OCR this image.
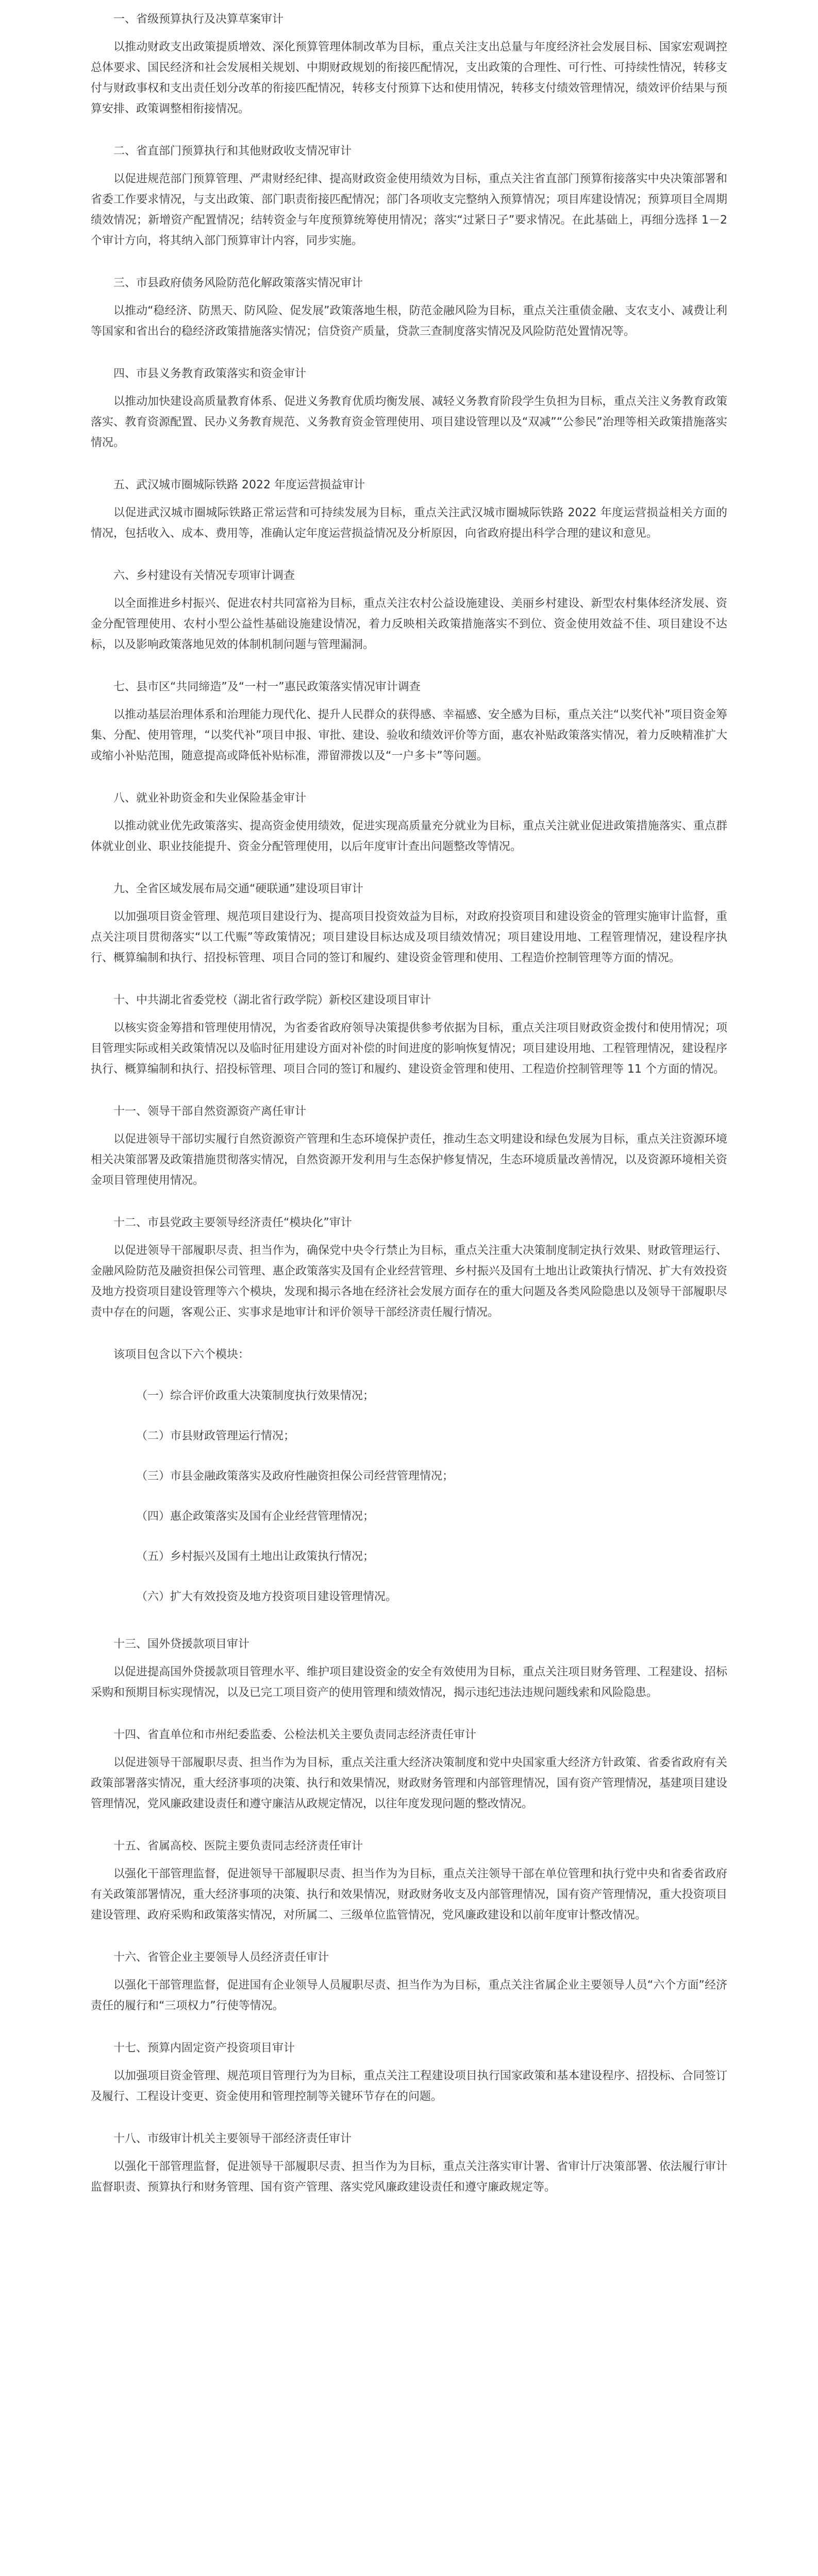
一、省级预算执行及决算草案审计

以推动财政支出政策提质增效、深化预算管理体制改革为目标，重点关注支出总量与年度经济社会发展目标、国家宏观调控总体要求、国民经济和社会发展相关规划、中期财政规划的衔接匹配情况，支出政策的合理性、可行性、可持续性情况，转移支付与财政事权和支出责任划分改革的衔接匹配情况，转移支付预算下达和使用情况，转移支付绩效管理情况，绩效评价结果与预算安排、政策调整相衔接情况。

二、省直部门预算执行和其他财政收支情况审计

以促进规范部门预算管理、严肃财经纪律、提高财政资金使用绩效为目标，重点关注省直部门预算衔接落实中央决策部署和省委工作要求情况，与支出政策、部门职责衔接匹配情况；部门各项收支完整纳入预算情况；项目库建设情况；预算项目全周期绩效情况；新增资产配置情况；结转资金与年度预算统筹使用情况；落实“过紧日子”要求情况。在此基础上，再细分选择 1－2 个审计方向，将其纳入部门预算审计内容，同步实施。

三、市县政府债务风险防范化解政策落实情况审计

以推动“稳经济、防黑天、防风险、促发展”政策落地生根，防范金融风险为目标，重点关注重债金融、支农支小、减费让利等国家和省出台的稳经济政策措施落实情况；信贷资产质量，贷款三查制度落实情况及风险防范处置情况等。

四、市县义务教育政策落实和资金审计

以推动加快建设高质量教育体系、促进义务教育优质均衡发展、减轻义务教育阶段学生负担为目标，重点关注义务教育政策落实、教育资源配置、民办义务教育规范、义务教育资金管理使用、项目建设管理以及“双减”“公参民”治理等相关政策措施落实情况。

五、武汉城市圈城际铁路 2022 年度运营损益审计

以促进武汉城市圈城际铁路正常运营和可持续发展为目标，重点关注武汉城市圈城际铁路 2022 年度运营损益相关方面的情况，包括收入、成本、费用等，准确认定年度运营损益情况及分析原因，向省政府提出科学合理的建议和意见。

六、乡村建设有关情况专项审计调查

以全面推进乡村振兴、促进农村共同富裕为目标，重点关注农村公益设施建设、美丽乡村建设、新型农村集体经济发展、资金分配管理使用、农村小型公益性基础设施建设情况，着力反映相关政策措施落实不到位、资金使用效益不佳、项目建设不达标，以及影响政策落地见效的体制机制问题与管理漏洞。

七、县市区“共同缔造”及“一村一”惠民政策落实情况审计调查

以推动基层治理体系和治理能力现代化、提升人民群众的获得感、幸福感、安全感为目标，重点关注“以奖代补”项目资金筹集、分配、使用管理，“以奖代补”项目申报、审批、建设、验收和绩效评价等方面，惠农补贴政策落实情况，着力反映精准扩大或缩小补贴范围，随意提高或降低补贴标准，滞留滞拨以及“一户多卡”等问题。

八、就业补助资金和失业保险基金审计

以推动就业优先政策落实、提高资金使用绩效，促进实现高质量充分就业为目标，重点关注就业促进政策措施落实、重点群体就业创业、职业技能提升、资金分配管理使用，以后年度审计查出问题整改等情况。

九、全省区域发展布局交通“硬联通”建设项目审计

以加强项目资金管理、规范项目建设行为、提高项目投资效益为目标，对政府投资项目和建设资金的管理实施审计监督，重点关注项目贯彻落实“以工代赈”等政策情况；项目建设目标达成及项目绩效情况；项目建设用地、工程管理情况，建设程序执行、概算编制和执行、招投标管理、项目合同的签订和履约、建设资金管理和使用、工程造价控制管理等方面的情况。

十、中共湖北省委党校（湖北省行政学院）新校区建设项目审计

以核实资金筹措和管理使用情况，为省委省政府领导决策提供参考依据为目标，重点关注项目财政资金拨付和使用情况；项目管理实际或相关政策情况以及临时征用建设方面对补偿的时间进度的影响恢复情况；项目建设用地、工程管理情况，建设程序执行、概算编制和执行、招投标管理、项目合同的签订和履约、建设资金管理和使用、工程造价控制管理等 11 个方面的情况。

十一、领导干部自然资源资产离任审计

以促进领导干部切实履行自然资源资产管理和生态环境保护责任，推动生态文明建设和绿色发展为目标，重点关注资源环境相关决策部署及政策措施贯彻落实情况，自然资源开发利用与生态保护修复情况，生态环境质量改善情况，以及资源环境相关资金项目管理使用情况。

十二、市县党政主要领导经济责任“模块化”审计

以促进领导干部履职尽责、担当作为，确保党中央令行禁止为目标，重点关注重大决策制度制定执行效果、财政管理运行、金融风险防范及融资担保公司管理、惠企政策落实及国有企业经营管理、乡村振兴及国有土地出让政策执行情况、扩大有效投资及地方投资项目建设管理等六个模块，发现和揭示各地在经济社会发展方面存在的重大问题及各类风险隐患以及领导干部履职尽责中存在的问题，客观公正、实事求是地审计和评价领导干部经济责任履行情况。

该项目包含以下六个模块：

（一）综合评价政重大决策制度执行效果情况；

（二）市县财政管理运行情况；

（三）市县金融政策落实及政府性融资担保公司经营管理情况；

（四）惠企政策落实及国有企业经营管理情况；

（五）乡村振兴及国有土地出让政策执行情况；

（六）扩大有效投资及地方投资项目建设管理情况。

十三、国外贷援款项目审计

以促进提高国外贷援款项目管理水平、维护项目建设资金的安全有效使用为目标，重点关注项目财务管理、工程建设、招标采购和预期目标实现情况，以及已完工项目资产的使用管理和绩效情况，揭示违纪违法违规问题线索和风险隐患。

十四、省直单位和市州纪委监委、公检法机关主要负责同志经济责任审计

以促进领导干部履职尽责、担当作为为目标，重点关注重大经济决策制度和党中央国家重大经济方针政策、省委省政府有关政策部署落实情况，重大经济事项的决策、执行和效果情况，财政财务管理和内部管理情况，国有资产管理情况，基建项目建设管理情况，党风廉政建设责任和遵守廉洁从政规定情况，以往年度发现问题的整改情况。

十五、省属高校、医院主要负责同志经济责任审计

以强化干部管理监督，促进领导干部履职尽责、担当作为为目标，重点关注领导干部在单位管理和执行党中央和省委省政府有关政策部署情况，重大经济事项的决策、执行和效果情况，财政财务收支及内部管理情况，国有资产管理情况，重大投资项目建设管理、政府采购和政策落实情况，对所属二、三级单位监管情况，党风廉政建设和以前年度审计整改情况。

十六、省管企业主要领导人员经济责任审计

以强化干部管理监督，促进国有企业领导人员履职尽责、担当作为为目标，重点关注省属企业主要领导人员“六个方面”经济责任的履行和“三项权力”行使等情况。

十七、预算内固定资产投资项目审计

以加强项目资金管理、规范项目管理行为为目标，重点关注工程建设项目执行国家政策和基本建设程序、招投标、合同签订及履行、工程设计变更、资金使用和管理控制等关键环节存在的问题。

十八、市级审计机关主要领导干部经济责任审计

以强化干部管理监督，促进领导干部履职尽责、担当作为为目标，重点关注落实审计署、省审计厅决策部署、依法履行审计监督职责、预算执行和财务管理、国有资产管理、落实党风廉政建设责任和遵守廉政规定等。
